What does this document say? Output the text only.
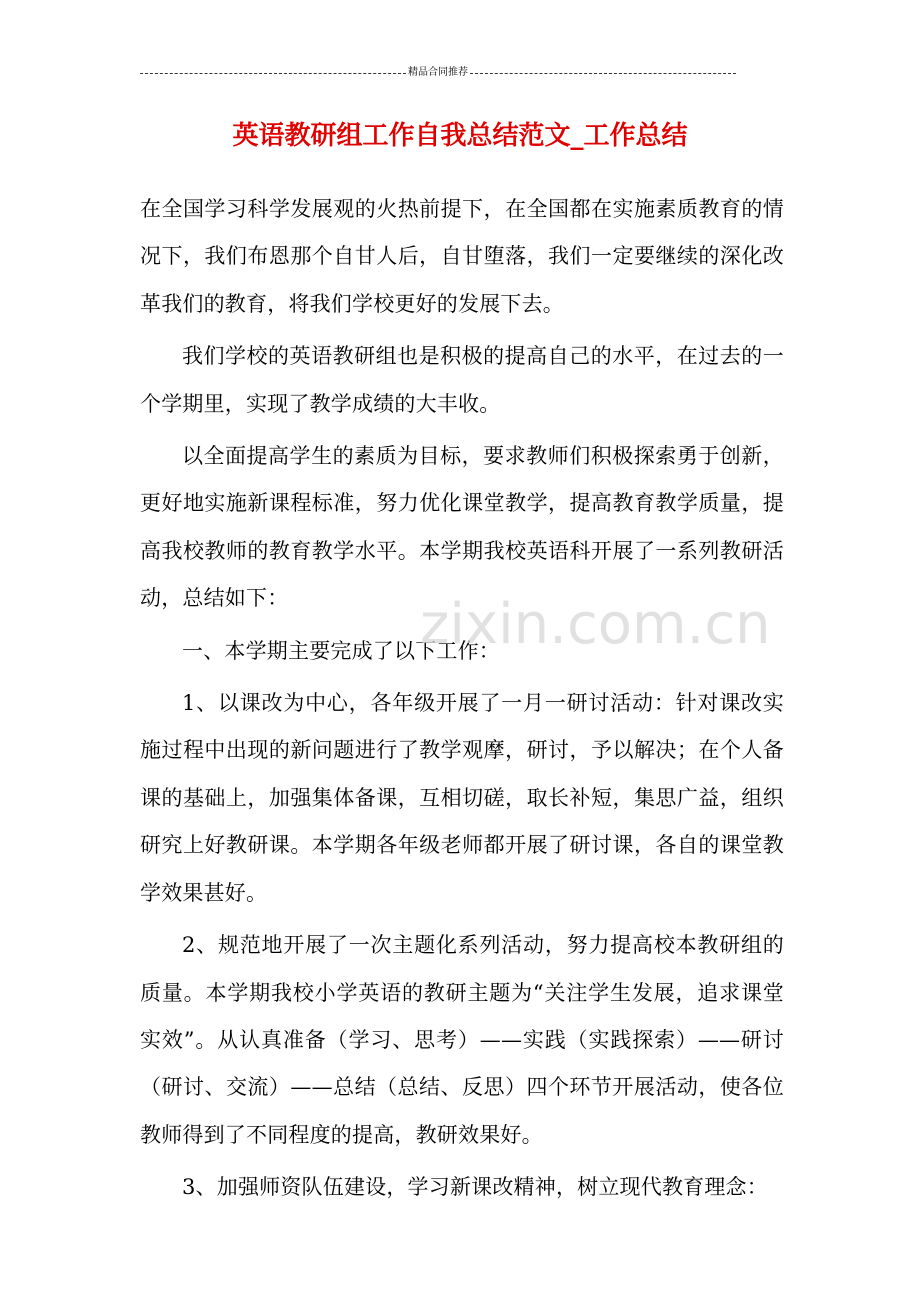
精品合同推荐
英语教研组工作自我总结范文_工作总结

在全国学习科学发展观的火热前提下，在全国都在实施素质教育的情况下，我们布恩那个自甘人后，自甘堕落，我们一定要继续的深化改革我们的教育，将我们学校更好的发展下去。

我们学校的英语教研组也是积极的提高自己的水平，在过去的一个学期里，实现了教学成绩的大丰收。

以全面提高学生的素质为目标，要求教师们积极探索勇于创新，更好地实施新课程标准，努力优化课堂教学，提高教育教学质量，提高我校教师的教育教学水平。本学期我校英语科开展了一系列教研活动，总结如下：

一、本学期主要完成了以下工作：

1、以课改为中心，各年级开展了一月一研讨活动：针对课改实施过程中出现的新问题进行了教学观摩，研讨，予以解决；在个人备课的基础上，加强集体备课，互相切磋，取长补短，集思广益，组织研究上好教研课。本学期各年级老师都开展了研讨课，各自的课堂教学效果甚好。

2、规范地开展了一次主题化系列活动，努力提高校本教研组的质量。本学期我校小学英语的教研主题为“关注学生发展，追求课堂实效”。从认真准备（学习、思考）——实践（实践探索）——研讨（研讨、交流）——总结（总结、反思）四个环节开展活动，使各位教师得到了不同程度的提高，教研效果好。

3、加强师资队伍建设，学习新课改精神，树立现代教育理念：

zixin.com.cn
